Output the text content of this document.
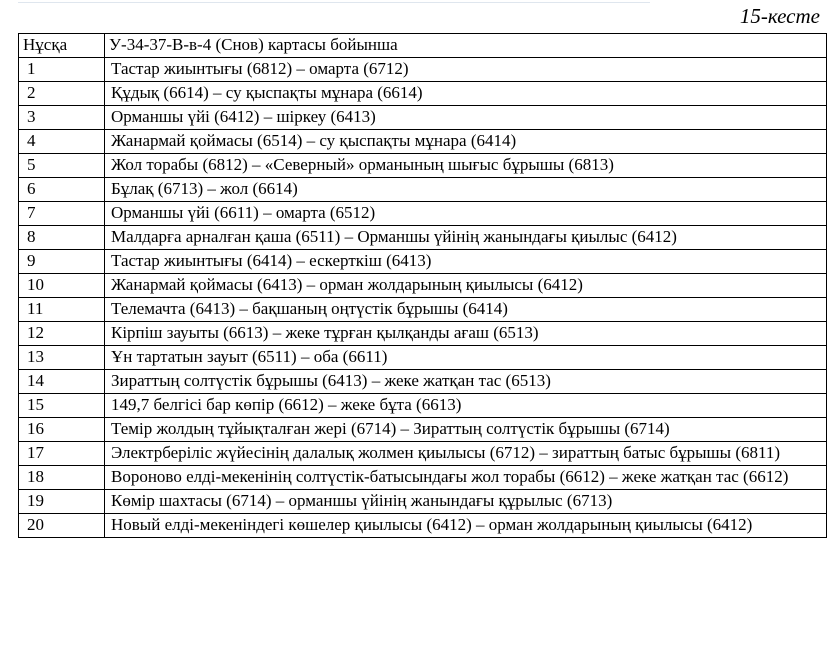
15-кесте
Нұсқа	У-34-37-В-в-4 (Снов) картасы бойынша
1	Тастар жиынтығы (6812) – омарта (6712)
2	Құдық (6614) – су қыспақты мұнара (6614)
3	Орманшы үйі (6412) – шіркеу (6413)
4	Жанармай қоймасы (6514) – су қыспақты мұнара (6414)
5	Жол торабы (6812) – «Северный» орманының шығыс бұрышы (6813)
6	Бұлақ (6713) – жол (6614)
7	Орманшы үйі (6611) – омарта (6512)
8	Малдарға арналған қаша (6511) – Орманшы үйінің жанындағы қиылыс (6412)
9	Тастар жиынтығы (6414) – ескерткіш (6413)
10	Жанармай қоймасы (6413) – орман жолдарының қиылысы (6412)
11	Телемачта (6413) – бақшаның оңтүстік бұрышы (6414)
12	Кірпіш зауыты (6613) – жеке тұрған қылқанды ағаш (6513)
13	Ұн тартатын зауыт (6511) – оба (6611)
14	Зираттың солтүстік бұрышы (6413) – жеке жатқан тас (6513)
15	149,7 белгісі бар көпір (6612) – жеке бұта (6613)
16	Темір жолдың тұйықталған жері (6714) – Зираттың солтүстік бұрышы (6714)
17	Электрберіліс жүйесінің далалық жолмен қиылысы (6712) – зираттың батыс бұрышы (6811)
18	Вороново елді-мекенінің солтүстік-батысындағы жол торабы (6612) – жеке жатқан тас (6612)
19	Көмір шахтасы (6714) – орманшы үйінің жанындағы құрылыс (6713)
20	Новый елді-мекеніндегі көшелер қиылысы (6412) – орман жолдарының қиылысы (6412)
